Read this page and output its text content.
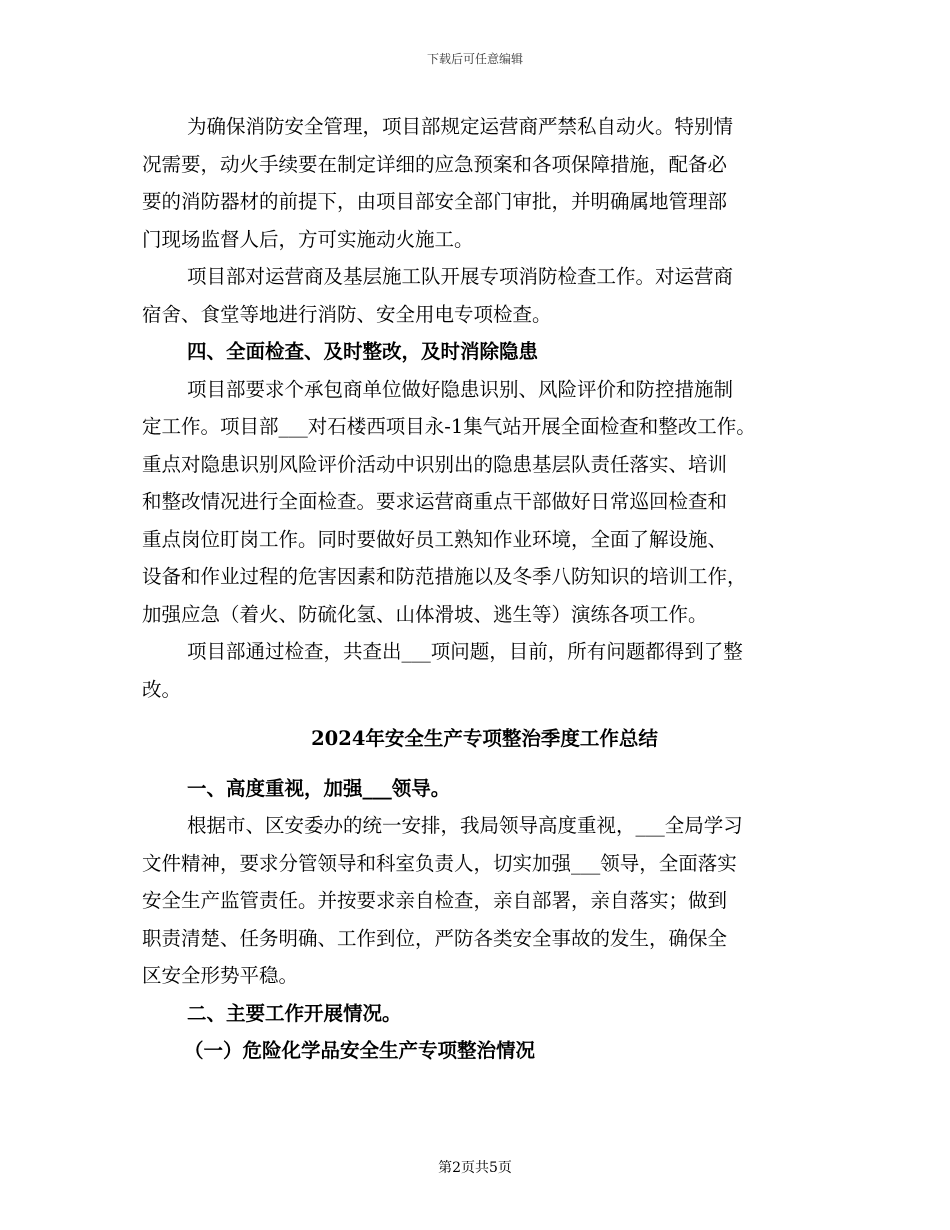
下载后可任意编辑
为确保消防安全管理，项目部规定运营商严禁私自动火。特别情
况需要，动火手续要在制定详细的应急预案和各项保障措施，配备必
要的消防器材的前提下，由项目部安全部门审批，并明确属地管理部
门现场监督人后，方可实施动火施工。
项目部对运营商及基层施工队开展专项消防检查工作。对运营商
宿舍、食堂等地进行消防、安全用电专项检查。
四、全面检查、及时整改，及时消除隐患
项目部要求个承包商单位做好隐患识别、风险评价和防控措施制
定工作。项目部___对石楼西项目永-1集气站开展全面检查和整改工作。
重点对隐患识别风险评价活动中识别出的隐患基层队责任落实、培训
和整改情况进行全面检查。要求运营商重点干部做好日常巡回检查和
重点岗位盯岗工作。同时要做好员工熟知作业环境，全面了解设施、
设备和作业过程的危害因素和防范措施以及冬季八防知识的培训工作，
加强应急（着火、防硫化氢、山体滑坡、逃生等）演练各项工作。
项目部通过检查，共查出___项问题，目前，所有问题都得到了整
改。
2024年安全生产专项整治季度工作总结
一、高度重视，加强___领导。
根据市、区安委办的统一安排，我局领导高度重视，___全局学习
文件精神，要求分管领导和科室负责人，切实加强___领导，全面落实
安全生产监管责任。并按要求亲自检查，亲自部署，亲自落实；做到
职责清楚、任务明确、工作到位，严防各类安全事故的发生，确保全
区安全形势平稳。
二、主要工作开展情况。
（一）危险化学品安全生产专项整治情况
第2页共5页
